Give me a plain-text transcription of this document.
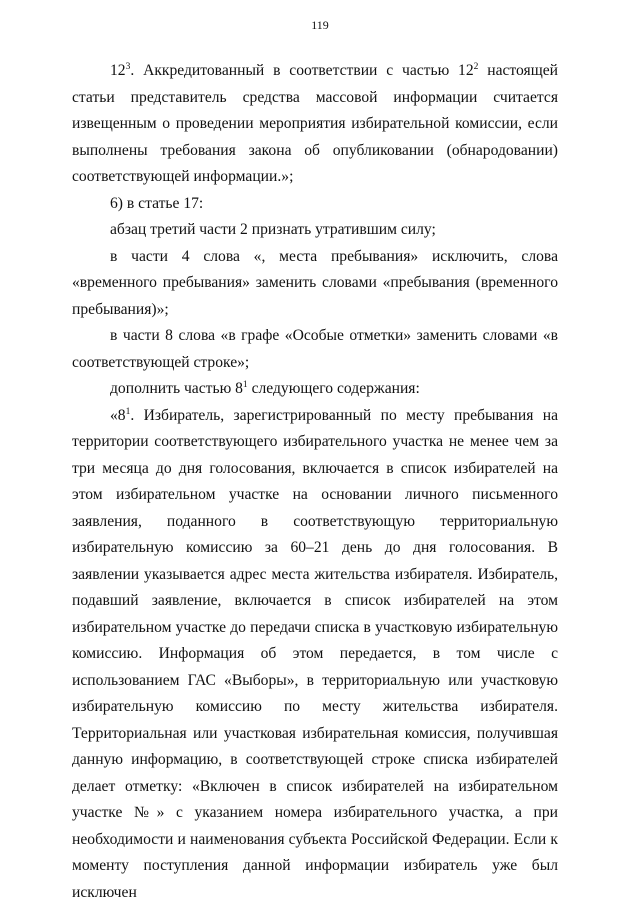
119

$12^3$. Аккредитованный в соответствии с частью $12^2$ настоящей статьи представитель средства массовой информации считается извещенным о проведении мероприятия избирательной комиссии, если выполнены требования закона об опубликовании (обнародовании) соответствующей информации.»;

6) в статье 17:

абзац третий части 2 признать утратившим силу;

в части 4 слова «, места пребывания» исключить, слова «временного пребывания» заменить словами «пребывания (временного пребывания)»;

в части 8 слова «в графе «Особые отметки» заменить словами «в соответствующей строке»;

дополнить частью $8^1$ следующего содержания:

«$8^1$. Избиратель, зарегистрированный по месту пребывания на территории соответствующего избирательного участка не менее чем за три месяца до дня голосования, включается в список избирателей на этом избирательном участке на основании личного письменного заявления, поданного в соответствующую территориальную избирательную комиссию за 60–21 день до дня голосования. В заявлении указывается адрес места жительства избирателя. Избиратель, подавший заявление, включается в список избирателей на этом избирательном участке до передачи списка в участковую избирательную комиссию. Информация об этом передается, в том числе с использованием ГАС «Выборы», в территориальную или участковую избирательную комиссию по месту жительства избирателя. Территориальная или участковая избирательная комиссия, получившая данную информацию, в соответствующей строке списка избирателей делает отметку: «Включен в список избирателей на избирательном участке №» с указанием номера избирательного участка, а при необходимости и наименования субъекта Российской Федерации. Если к моменту поступления данной информации избиратель уже был исключен
